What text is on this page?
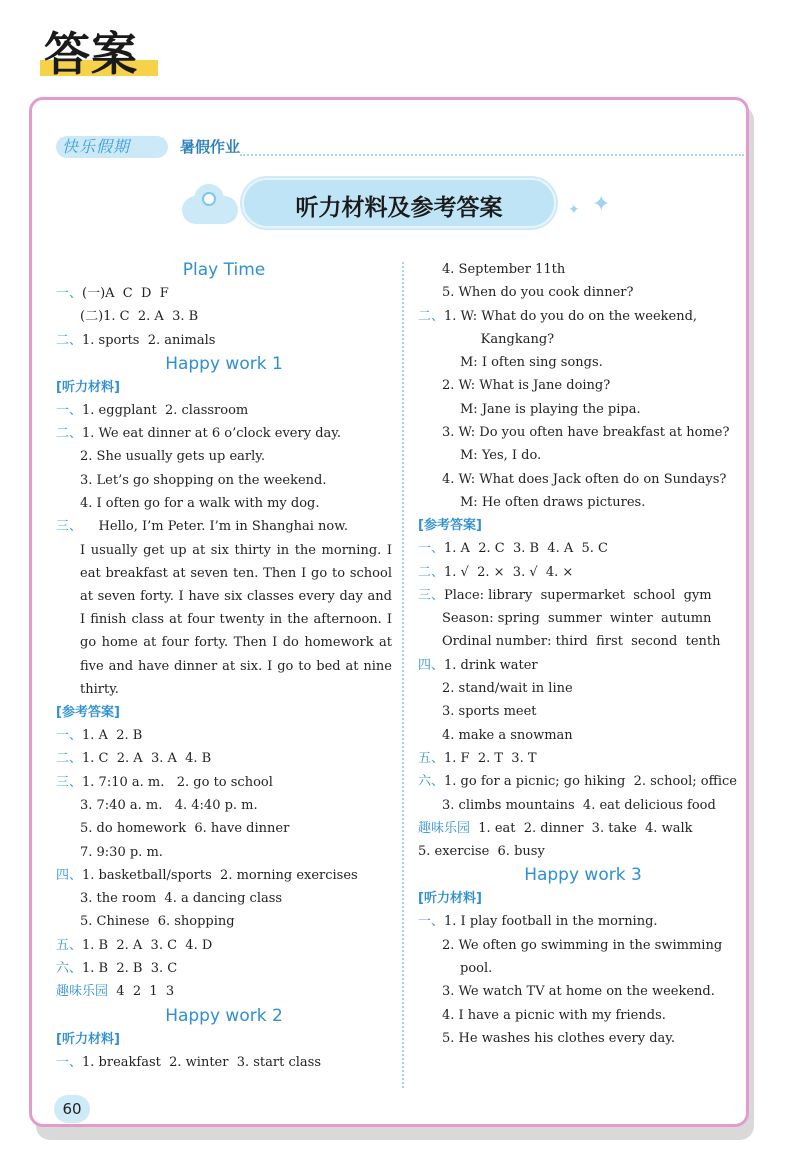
答案
快乐假期	暑假作业
听力材料及参考答案	✦ ✦
Play Time
一、(一)A  C  D  F
(二)1. C  2. A  3. B
二、1. sports  2. animals
Happy work 1
[听力材料]
一、1. eggplant  2. classroom
二、1. We eat dinner at 6 o’clock every day.
2. She usually gets up early.
3. Let’s go shopping on the weekend.
4. I often go for a walk with my dog.
三、    Hello, I’m Peter. I’m in Shanghai now.
I usually get up at six thirty in the morning. I eat breakfast at seven ten. Then I go to school at seven forty. I have six classes every day and I finish class at four twenty in the afternoon. I go home at four forty. Then I do homework at five and have dinner at six. I go to bed at nine thirty.
[参考答案]
一、1. A  2. B
二、1. C  2. A  3. A  4. B
三、1. 7:10 a. m.   2. go to school
3. 7:40 a. m.   4. 4:40 p. m.
5. do homework  6. have dinner
7. 9:30 p. m.
四、1. basketball/sports  2. morning exercises
3. the room  4. a dancing class
5. Chinese  6. shopping
五、1. B  2. A  3. C  4. D
六、1. B  2. B  3. C
趣味乐园  4  2  1  3
Happy work 2
[听力材料]
一、1. breakfast  2. winter  3. start class
4. September 11th
5. When do you cook dinner?
二、1. W: What do you do on the weekend,
Kangkang?
M: I often sing songs.
2. W: What is Jane doing?
M: Jane is playing the pipa.
3. W: Do you often have breakfast at home?
M: Yes, I do.
4. W: What does Jack often do on Sundays?
M: He often draws pictures.
[参考答案]
一、1. A  2. C  3. B  4. A  5. C
二、1. √  2. ×  3. √  4. ×
三、Place: library  supermarket  school  gym
Season: spring  summer  winter  autumn
Ordinal number: third  first  second  tenth
四、1. drink water
2. stand/wait in line
3. sports meet
4. make a snowman
五、1. F  2. T  3. T
六、1. go for a picnic; go hiking  2. school; office
3. climbs mountains  4. eat delicious food
趣味乐园  1. eat  2. dinner  3. take  4. walk
5. exercise  6. busy
Happy work 3
[听力材料]
一、1. I play football in the morning.
2. We often go swimming in the swimming
pool.
3. We watch TV at home on the weekend.
4. I have a picnic with my friends.
5. He washes his clothes every day.
60
